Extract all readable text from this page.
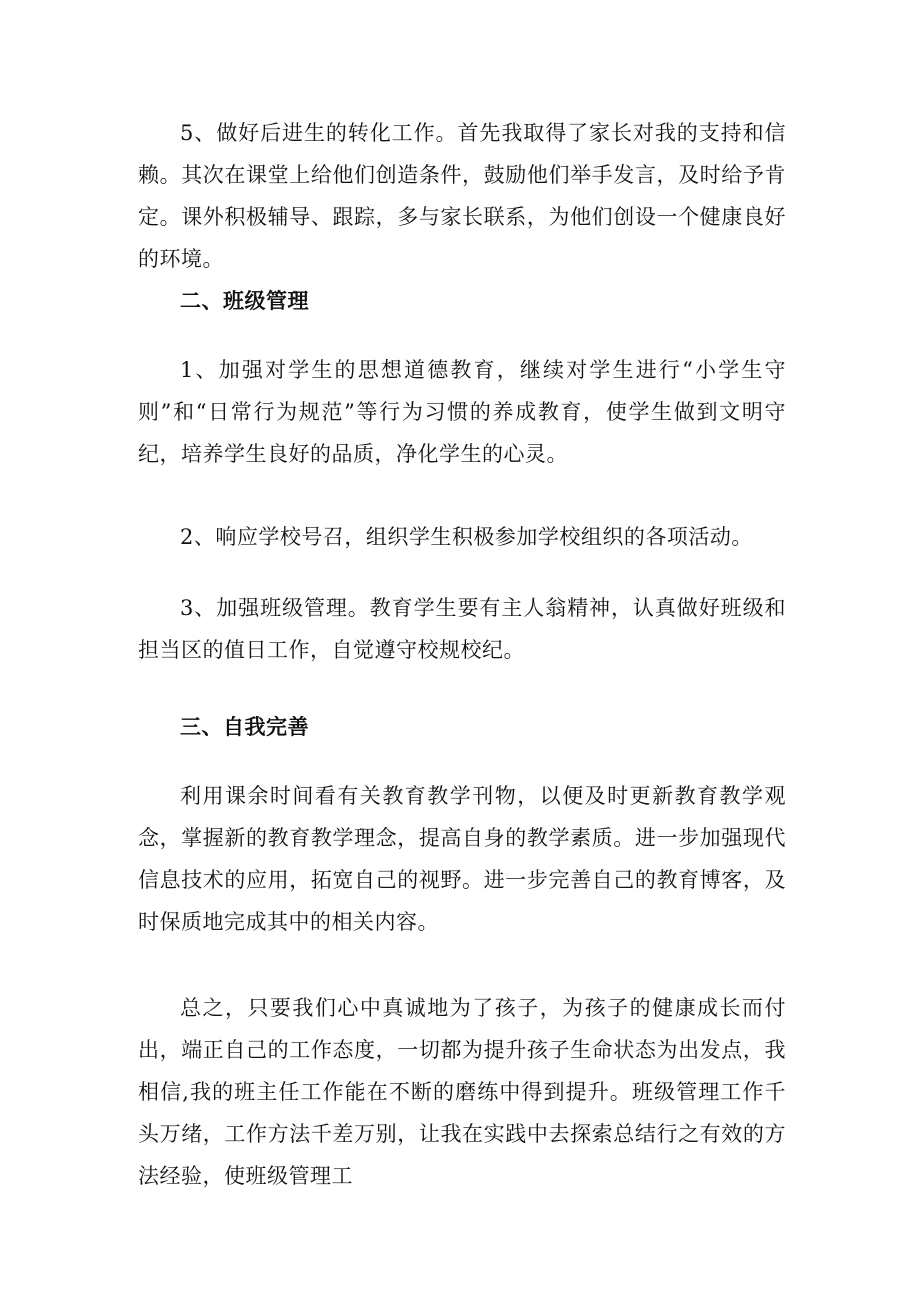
5、做好后进生的转化工作。首先我取得了家长对我的支持和信赖。其次在课堂上给他们创造条件，鼓励他们举手发言，及时给予肯定。课外积极辅导、跟踪，多与家长联系，为他们创设一个健康良好的环境。

二、班级管理

1、加强对学生的思想道德教育，继续对学生进行“小学生守则”和“日常行为规范”等行为习惯的养成教育，使学生做到文明守纪，培养学生良好的品质，净化学生的心灵。

2、响应学校号召，组织学生积极参加学校组织的各项活动。

3、加强班级管理。教育学生要有主人翁精神，认真做好班级和担当区的值日工作，自觉遵守校规校纪。

三、自我完善

利用课余时间看有关教育教学刊物，以便及时更新教育教学观念，掌握新的教育教学理念，提高自身的教学素质。进一步加强现代信息技术的应用，拓宽自己的视野。进一步完善自己的教育博客，及时保质地完成其中的相关内容。

总之，只要我们心中真诚地为了孩子，为孩子的健康成长而付出，端正自己的工作态度，一切都为提升孩子生命状态为出发点，我相信,我的班主任工作能在不断的磨练中得到提升。班级管理工作千头万绪，工作方法千差万别，让我在实践中去探索总结行之有效的方法经验，使班级管理工
